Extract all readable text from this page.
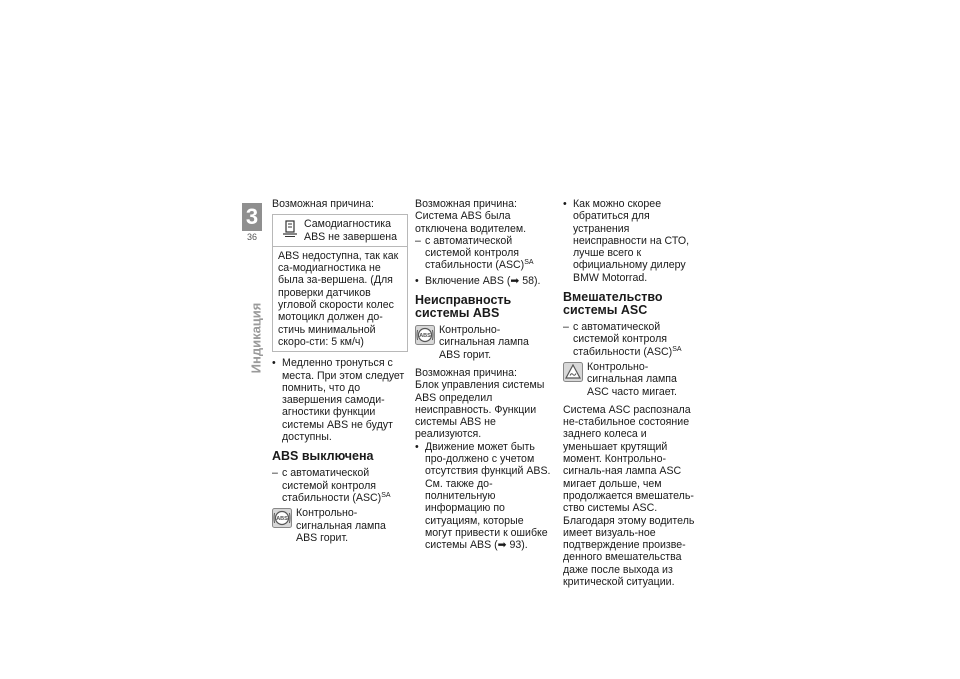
3
36
Индикация

Возможная причина:

Самодиагностика ABS не завершена
ABS недоступна, так как са-модиагностика не была за-вершена. (Для проверки датчиков угловой скорости колес мотоцикл должен до-стичь минимальной скоро-сти: 5 км/ч)
• Медленно тронуться с места. При этом следует помнить, что до завершения самоди-агностики функции системы ABS не будут доступны.
ABS выключена
– с автоматической системой контроля стабильности (ASC)$^{SA}$
ABS
Контрольно-сигнальная лампа ABS горит.

Возможная причина:

Система ABS была отключена водителем.

– с автоматической системой контроля стабильности (ASC)$^{SA}$
• Включение ABS (➡ 58).
Неисправность системы ABS
ABS
Контрольно-сигнальная лампа ABS горит.

Возможная причина:

Блок управления системы ABS определил неисправность. Функции системы ABS не реализуются.

• Движение может быть про-должено с учетом отсутствия функций ABS. См. также до-полнительную информацию по ситуациям, которые могут привести к ошибке системы ABS (➡ 93).
• Как можно скорее обратиться для устранения неисправности на СТО, лучше всего к официальному дилеру BMW Motorrad.
Вмешательство системы ASC
– с автоматической системой контроля стабильности (ASC)$^{SA}$
Контрольно-сигнальная лампа ASC часто мигает.

Система ASC распознала не-стабильное состояние заднего колеса и уменьшает крутящий момент. Контрольно-сигналь-ная лампа ASC мигает дольше, чем продолжается вмешатель-ство системы ASC. Благодаря этому водитель имеет визуаль-ное подтверждение произве-денного вмешательства даже после выхода из критической ситуации.
